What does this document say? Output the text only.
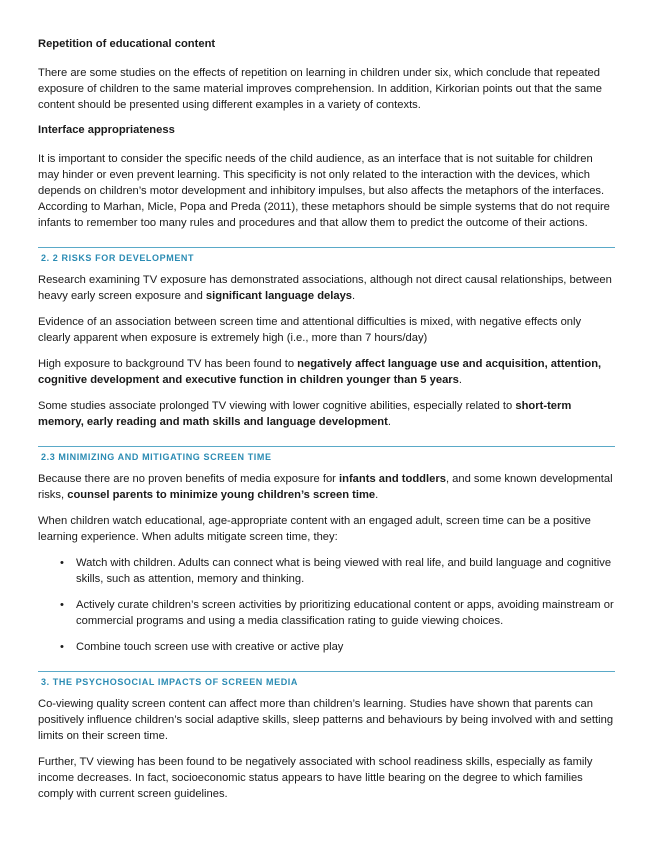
Repetition of educational content

There are some studies on the effects of repetition on learning in children under six, which conclude that repeated exposure of children to the same material improves comprehension. In addition, Kirkorian points out that the same content should be presented using different examples in a variety of contexts.

Interface appropriateness

It is important to consider the specific needs of the child audience, as an interface that is not suitable for children may hinder or even prevent learning. This specificity is not only related to the interaction with the devices, which depends on children’s motor development and inhibitory impulses, but also affects the metaphors of the interfaces. According to Marhan, Micle, Popa and Preda (2011), these metaphors should be simple systems that do not require infants to remember too many rules and procedures and that allow them to predict the outcome of their actions.

2. 2 RISKS FOR DEVELOPMENT

Research examining TV exposure has demonstrated associations, although not direct causal relationships, between heavy early screen exposure and significant language delays.

Evidence of an association between screen time and attentional difficulties is mixed, with negative effects only clearly apparent when exposure is extremely high (i.e., more than 7 hours/day)

High exposure to background TV has been found to negatively affect language use and acquisition, attention, cognitive development and executive function in children younger than 5 years.

Some studies associate prolonged TV viewing with lower cognitive abilities, especially related to short-term memory, early reading and math skills and language development.

2.3 MINIMIZING AND MITIGATING SCREEN TIME

Because there are no proven benefits of media exposure for infants and toddlers, and some known developmental risks, counsel parents to minimize young children’s screen time.

When children watch educational, age-appropriate content with an engaged adult, screen time can be a positive learning experience. When adults mitigate screen time, they:

• Watch with children. Adults can connect what is being viewed with real life, and build language and cognitive skills, such as attention, memory and thinking.
• Actively curate children’s screen activities by prioritizing educational content or apps, avoiding mainstream or commercial programs and using a media classification rating to guide viewing choices.
• Combine touch screen use with creative or active play
3. THE PSYCHOSOCIAL IMPACTS OF SCREEN MEDIA

Co-viewing quality screen content can affect more than children’s learning. Studies have shown that parents can positively influence children’s social adaptive skills, sleep patterns and behaviours by being involved with and setting limits on their screen time.

Further, TV viewing has been found to be negatively associated with school readiness skills, especially as family income decreases. In fact, socioeconomic status appears to have little bearing on the degree to which families comply with current screen guidelines.
